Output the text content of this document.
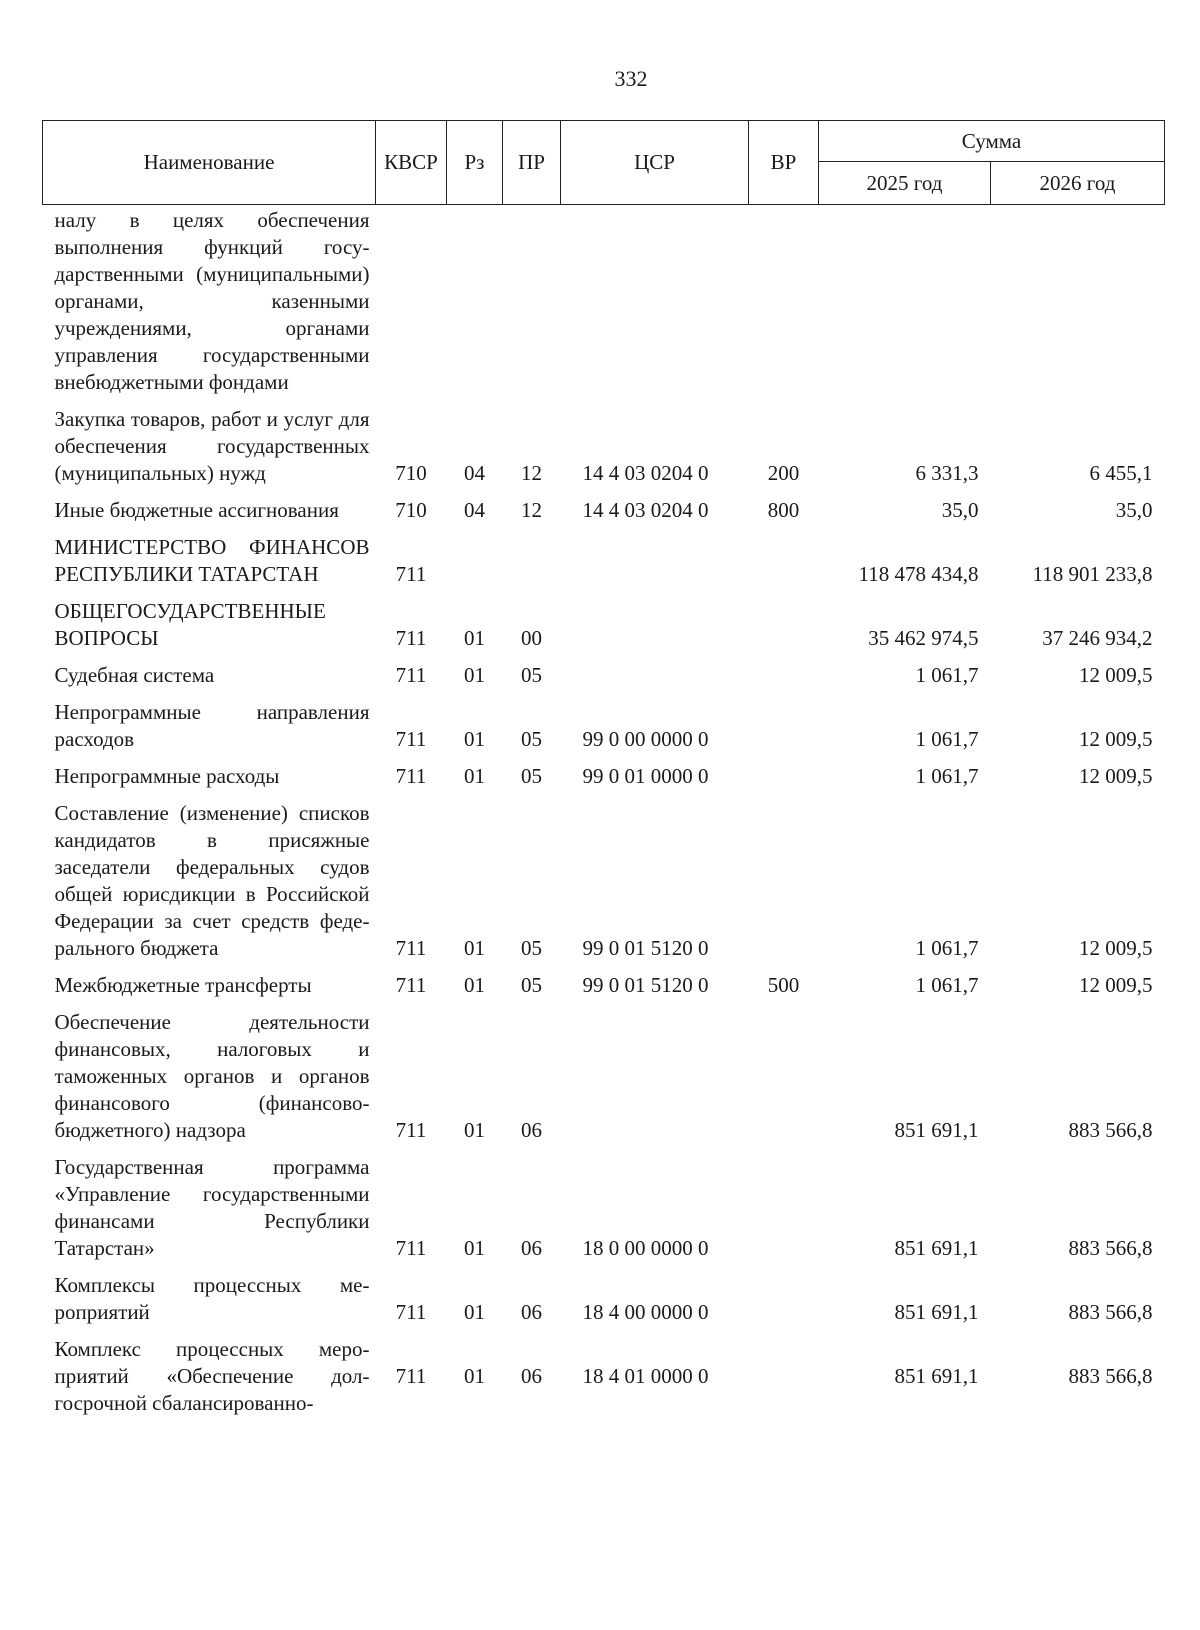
332
Наименование	КВСР	Рз	ПР	ЦСР	ВР	Сумма	
						2025 год	2026 год
налу в целях обеспечения выполнения функций государственными (муниципальными) органами, казенными учреждениями, органами управления государственными внебюджетными фондами							
Закупка товаров, работ и услуг для обеспечения государственных (муниципальных) нужд	710	04	12	14 4 03 0204 0	200	6 331,3	6 455,1
Иные бюджетные ассигнования	710	04	12	14 4 03 0204 0	800	35,0	35,0
МИНИСТЕРСТВО ФИНАНСОВ РЕСПУБЛИКИ ТАТАРСТАН	711					118 478 434,8	118 901 233,8
ОБЩЕГОСУДАРСТВЕННЫЕ ВОПРОСЫ	711	01	00			35 462 974,5	37 246 934,2
Судебная система	711	01	05			1 061,7	12 009,5
Непрограммные направления расходов	711	01	05	99 0 00 0000 0		1 061,7	12 009,5
Непрограммные расходы	711	01	05	99 0 01 0000 0		1 061,7	12 009,5
Составление (изменение) списков кандидатов в присяжные заседатели федеральных судов общей юрисдикции в Российской Федерации за счет средств федерального бюджета	711	01	05	99 0 01 5120 0		1 061,7	12 009,5
Межбюджетные трансферты	711	01	05	99 0 01 5120 0	500	1 061,7	12 009,5
Обеспечение деятельности финансовых, налоговых и таможенных органов и органов финансового (финансово-бюджетного) надзора	711	01	06			851 691,1	883 566,8
Государственная программа «Управление государственными финансами Республики Татарстан»	711	01	06	18 0 00 0000 0		851 691,1	883 566,8
Комплексы процессных мероприятий	711	01	06	18 4 00 0000 0		851 691,1	883 566,8
Комплекс процессных мероприятий «Обеспечение долгосрочной сбалансированно-	711	01	06	18 4 01 0000 0		851 691,1	883 566,8
